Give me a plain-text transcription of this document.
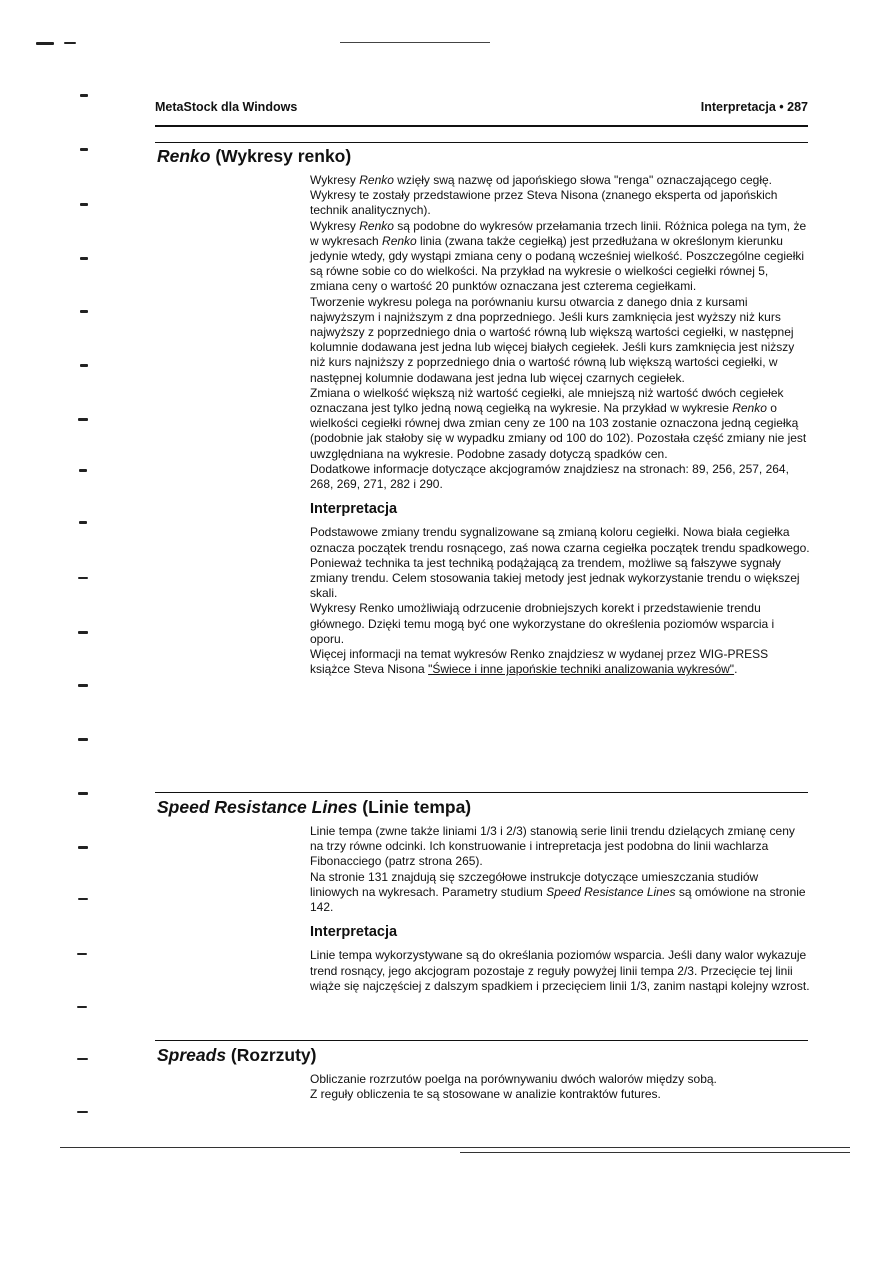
MetaStock dla Windows	Interpretacja • 287
Renko (Wykresy renko)

Wykresy Renko wzięły swą nazwę od japońskiego słowa "renga" oznaczającego cegłę. Wykresy te zostały przedstawione przez Steva Nisona (znanego eksperta od japońskich technik analitycznych).

Wykresy Renko są podobne do wykresów przełamania trzech linii. Różnica polega na tym, że w wykresach Renko linia (zwana także cegiełką) jest przedłużana w określonym kierunku jedynie wtedy, gdy wystąpi zmiana ceny o podaną wcześniej wielkość. Poszczególne cegiełki są równe sobie co do wielkości. Na przykład na wykresie o wielkości cegiełki równej 5, zmiana ceny o wartość 20 punktów oznaczana jest czterema cegiełkami.

Tworzenie wykresu polega na porównaniu kursu otwarcia z danego dnia z kursami najwyższym i najniższym z dna poprzedniego. Jeśli kurs zamknięcia jest wyższy niż kurs najwyższy z poprzedniego dnia o wartość równą lub większą wartości cegiełki, w następnej kolumnie dodawana jest jedna lub więcej białych cegiełek. Jeśli kurs zamknięcia jest niższy niż kurs najniższy z poprzedniego dnia o wartość równą lub większą wartości cegiełki, w następnej kolumnie dodawana jest jedna lub więcej czarnych cegiełek.

Zmiana o wielkość większą niż wartość cegiełki, ale mniejszą niż wartość dwóch cegiełek oznaczana jest tylko jedną nową cegiełką na wykresie. Na przykład w wykresie Renko o wielkości cegiełki równej dwa zmian ceny ze 100 na 103 zostanie oznaczona jedną cegiełką (podobnie jak stałoby się w wypadku zmiany od 100 do 102). Pozostała część zmiany nie jest uwzględniana na wykresie. Podobne zasady dotyczą spadków cen.

Dodatkowe informacje dotyczące akcjogramów znajdziesz na stronach: 89, 256, 257, 264, 268, 269, 271, 282 i 290.

Interpretacja

Podstawowe zmiany trendu sygnalizowane są zmianą koloru cegiełki. Nowa biała cegiełka oznacza początek trendu rosnącego, zaś nowa czarna cegiełka początek trendu spadkowego. Ponieważ technika ta jest techniką podążającą za trendem, możliwe są fałszywe sygnały zmiany trendu. Celem stosowania takiej metody jest jednak wykorzystanie trendu o większej skali.

Wykresy Renko umożliwiają odrzucenie drobniejszych korekt i przedstawienie trendu głównego. Dzięki temu mogą być one wykorzystane do określenia poziomów wsparcia i oporu.

Więcej informacji na temat wykresów Renko znajdziesz w wydanej przez WIG-PRESS książce Steva Nisona "Świece i inne japońskie techniki analizowania wykresów".

Speed Resistance Lines (Linie tempa)

Linie tempa (zwne także liniami 1/3 i 2/3) stanowią serie linii trendu dzielących zmianę ceny na trzy równe odcinki. Ich konstruowanie i intrepretacja jest podobna do linii wachlarza Fibonacciego (patrz strona 265).

Na stronie 131 znajdują się szczegółowe instrukcje dotyczące umieszczania studiów liniowych na wykresach. Parametry studium Speed Resistance Lines są omówione na stronie 142.

Interpretacja

Linie tempa wykorzystywane są do określania poziomów wsparcia. Jeśli dany walor wykazuje trend rosnący, jego akcjogram pozostaje z reguły powyżej linii tempa 2/3. Przecięcie tej linii wiąże się najczęściej z dalszym spadkiem i przecięciem linii 1/3, zanim nastąpi kolejny wzrost.

Spreads (Rozrzuty)

Obliczanie rozrzutów poelga na porównywaniu dwóch walorów między sobą.

Z reguły obliczenia te są stosowane w analizie kontraktów futures.
